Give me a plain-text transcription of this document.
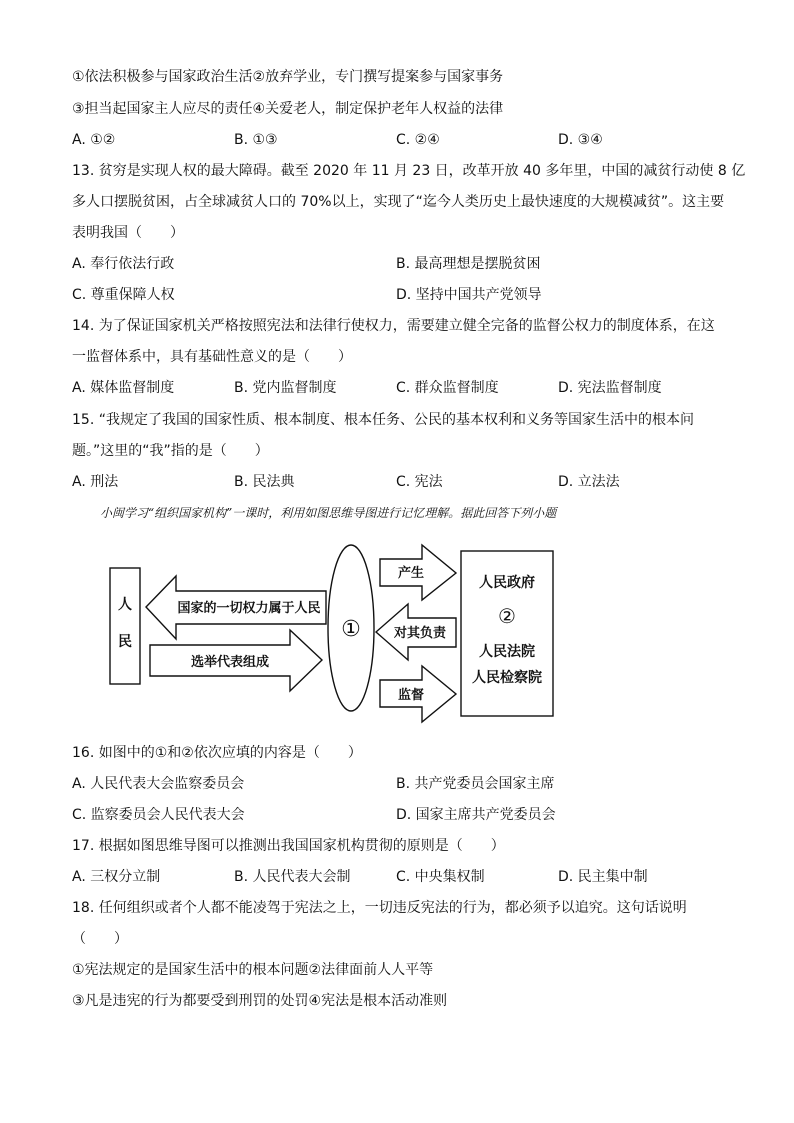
①依法积极参与国家政治生活②放弃学业，专门撰写提案参与国家事务
③担当起国家主人应尽的责任④关爱老人，制定保护老年人权益的法律
A. ①②	B. ①③	C. ②④	D. ③④
13. 贫穷是实现人权的最大障碍。截至 2020 年 11 月 23 日，改革开放 40 多年里，中国的减贫行动使 8 亿
多人口摆脱贫困，占全球减贫人口的 70%以上，实现了“迄今人类历史上最快速度的大规模减贫”。这主要
表明我国（　　）
A. 奉行依法行政	B. 最高理想是摆脱贫困
C. 尊重保障人权	D. 坚持中国共产党领导
14. 为了保证国家机关严格按照宪法和法律行使权力，需要建立健全完备的监督公权力的制度体系，在这
一监督体系中，具有基础性意义的是（　　）
A. 媒体监督制度	B. 党内监督制度	C. 群众监督制度	D. 宪法监督制度
15. “我规定了我国的国家性质、根本制度、根本任务、公民的基本权利和义务等国家生活中的根本问
题。”这里的“我”指的是（　　）
A. 刑法	B. 民法典	C. 宪法	D. 立法法
小闽学习“组织国家机构”一课时，利用如图思维导图进行记忆理解。据此回答下列小题
人
民
国家的一切权力属于人民
选举代表组成
①
产生
对其负责
监督
人民政府
②
人民法院
人民检察院
16. 如图中的①和②依次应填的内容是（　　）
A. 人民代表大会监察委员会	B. 共产党委员会国家主席
C. 监察委员会人民代表大会	D. 国家主席共产党委员会
17. 根据如图思维导图可以推测出我国国家机构贯彻的原则是（　　）
A. 三权分立制	B. 人民代表大会制	C. 中央集权制	D. 民主集中制
18. 任何组织或者个人都不能凌驾于宪法之上，一切违反宪法的行为，都必须予以追究。这句话说明
（　　）
①宪法规定的是国家生活中的根本问题②法律面前人人平等
③凡是违宪的行为都要受到刑罚的处罚④宪法是根本活动准则
